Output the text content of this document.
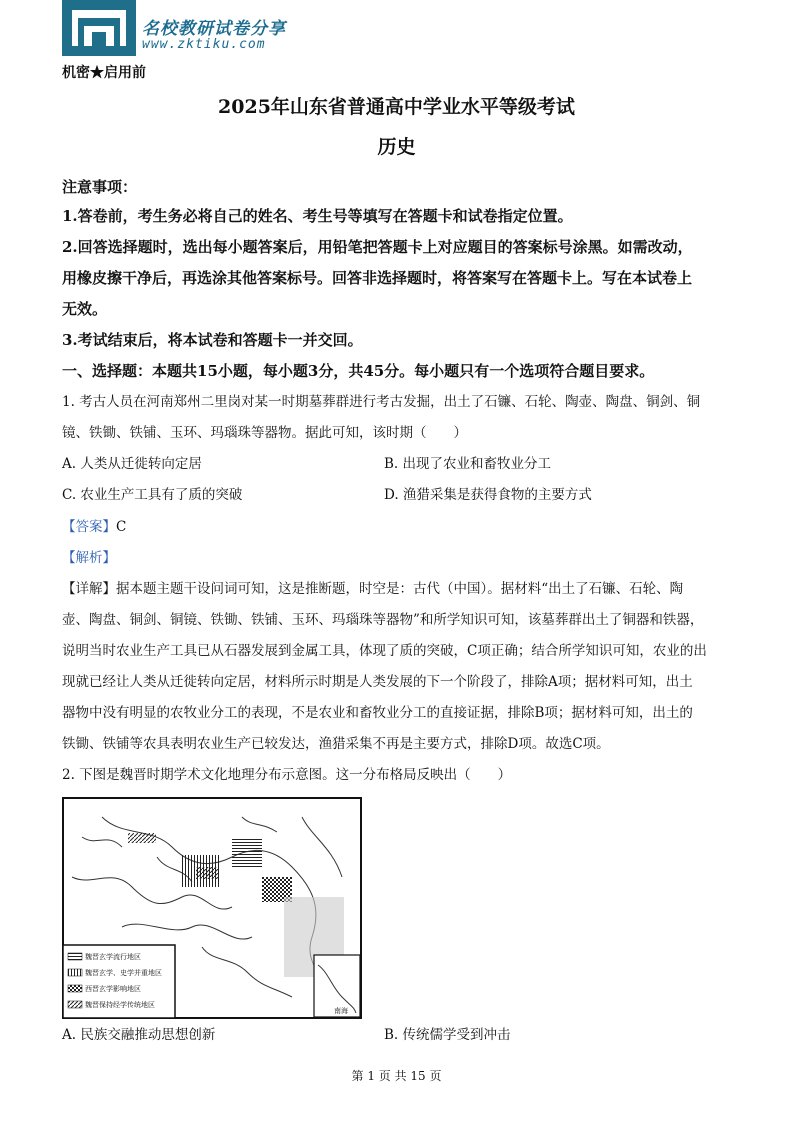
名校教研试卷分享
www.zktiku.com
机密★启用前
2025年山东省普通高中学业水平等级考试
历史
注意事项：
1.答卷前，考生务必将自己的姓名、考生号等填写在答题卡和试卷指定位置。
2.回答选择题时，选出每小题答案后，用铅笔把答题卡上对应题目的答案标号涂黑。如需改动，
用橡皮擦干净后，再选涂其他答案标号。回答非选择题时，将答案写在答题卡上。写在本试卷上
无效。
3.考试结束后，将本试卷和答题卡一并交回。
一、选择题：本题共15小题，每小题3分，共45分。每小题只有一个选项符合题目要求。
1. 考古人员在河南郑州二里岗对某一时期墓葬群进行考古发掘，出土了石镰、石轮、陶壶、陶盘、铜剑、铜
镜、铁锄、铁铺、玉环、玛瑙珠等器物。据此可知，该时期（　　）
A. 人类从迁徙转向定居	B. 出现了农业和畜牧业分工
C. 农业生产工具有了质的突破	D. 渔猎采集是获得食物的主要方式
【答案】C
【解析】
【详解】据本题主题干设问词可知，这是推断题，时空是：古代（中国）。据材料“出土了石镰、石轮、陶
壶、陶盘、铜剑、铜镜、铁锄、铁铺、玉环、玛瑙珠等器物”和所学知识可知，该墓葬群出土了铜器和铁器，
说明当时农业生产工具已从石器发展到金属工具，体现了质的突破，C项正确；结合所学知识可知，农业的出
现就已经让人类从迁徙转向定居，材料所示时期是人类发展的下一个阶段了，排除A项；据材料可知，出土
器物中没有明显的农牧业分工的表现，不是农业和畜牧业分工的直接证据，排除B项；据材料可知，出土的
铁锄、铁铺等农具表明农业生产已较发达，渔猎采集不再是主要方式，排除D项。故选C项。
2. 下图是魏晋时期学术文化地理分布示意图。这一分布格局反映出（　　）
魏晋玄学流行地区
魏晋玄学、史学并重地区
西晋玄学影响地区
魏晋保持经学传统地区
南海
A. 民族交融推动思想创新	B. 传统儒学受到冲击
第 1 页 共 15 页
